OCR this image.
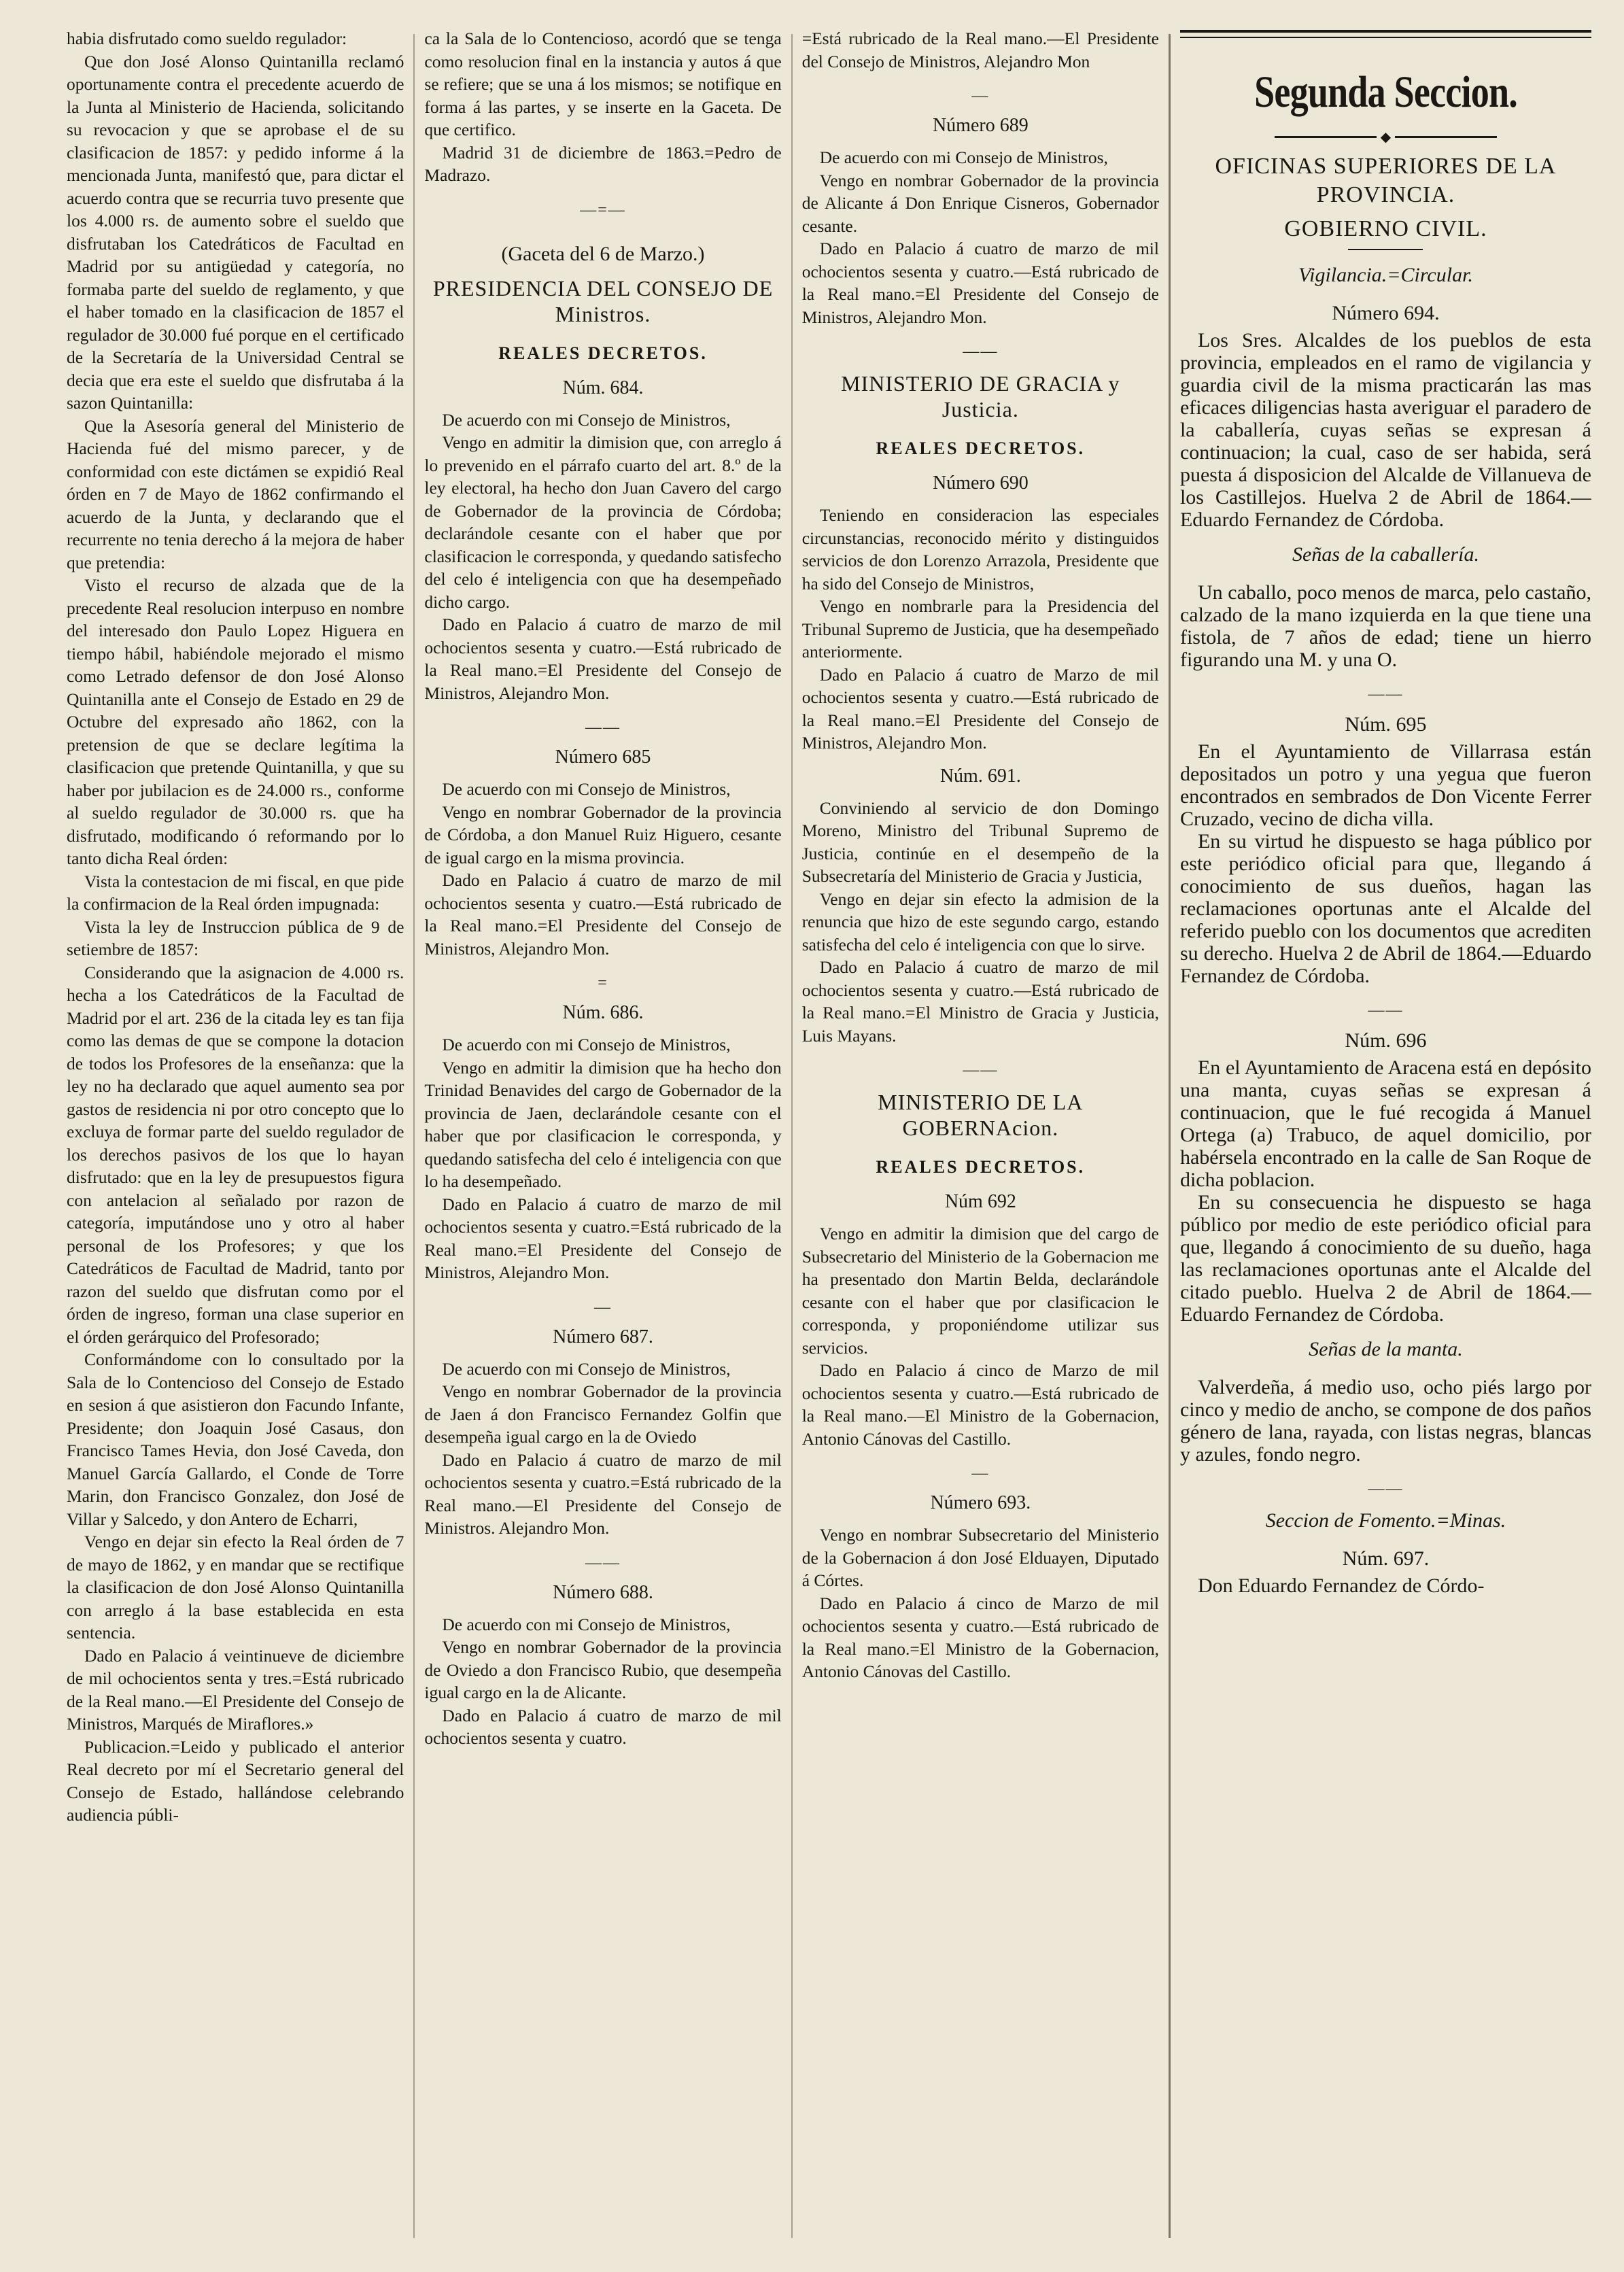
habia disfrutado como sueldo regulador:

Que don José Alonso Quintanilla reclamó oportunamente contra el precedente acuerdo de la Junta al Ministerio de Hacienda, solicitando su revocacion y que se aprobase el de su clasificacion de 1857: y pedido informe á la mencionada Junta, manifestó que, para dictar el acuerdo contra que se recurria tuvo presente que los 4.000 rs. de aumento sobre el sueldo que disfrutaban los Catedráticos de Facultad en Madrid por su antigüedad y categoría, no formaba parte del sueldo de reglamento, y que el haber tomado en la clasificacion de 1857 el regulador de 30.000 fué porque en el certificado de la Secretaría de la Universidad Central se decia que era este el sueldo que disfrutaba á la sazon Quintanilla:

Que la Asesoría general del Ministerio de Hacienda fué del mismo parecer, y de conformidad con este dictámen se expidió Real órden en 7 de Mayo de 1862 confirmando el acuerdo de la Junta, y declarando que el recurrente no tenia derecho á la mejora de haber que pretendia:

Visto el recurso de alzada que de la precedente Real resolucion interpuso en nombre del interesado don Paulo Lopez Higuera en tiempo hábil, habiéndole mejorado el mismo como Letrado defensor de don José Alonso Quintanilla ante el Consejo de Estado en 29 de Octubre del expresado año 1862, con la pretension de que se declare legítima la clasificacion que pretende Quintanilla, y que su haber por jubilacion es de 24.000 rs., conforme al sueldo regulador de 30.000 rs. que ha disfrutado, modificando ó reformando por lo tanto dicha Real órden:

Vista la contestacion de mi fiscal, en que pide la confirmacion de la Real órden impugnada:

Vista la ley de Instruccion pública de 9 de setiembre de 1857:

Considerando que la asignacion de 4.000 rs. hecha a los Catedráticos de la Facultad de Madrid por el art. 236 de la citada ley es tan fija como las demas de que se compone la dotacion de todos los Profesores de la enseñanza: que la ley no ha declarado que aquel aumento sea por gastos de residencia ni por otro concepto que lo excluya de formar parte del sueldo regulador de los derechos pasivos de los que lo hayan disfrutado: que en la ley de presupuestos figura con antelacion al señalado por razon de categoría, imputándose uno y otro al haber personal de los Profesores; y que los Catedráticos de Facultad de Madrid, tanto por razon del sueldo que disfrutan como por el órden de ingreso, forman una clase superior en el órden gerárquico del Profesorado;

Conformándome con lo consultado por la Sala de lo Contencioso del Consejo de Estado en sesion á que asistieron don Facundo Infante, Presidente; don Joaquin José Casaus, don Francisco Tames Hevia, don José Caveda, don Manuel García Gallardo, el Conde de Torre Marin, don Francisco Gonzalez, don José de Villar y Salcedo, y don Antero de Echarri,

Vengo en dejar sin efecto la Real órden de 7 de mayo de 1862, y en mandar que se rectifique la clasificacion de don José Alonso Quintanilla con arreglo á la base establecida en esta sentencia.

Dado en Palacio á veintinueve de diciembre de mil ochocientos senta y tres.=Está rubricado de la Real mano.—El Presidente del Consejo de Ministros, Marqués de Miraflores.»

Publicacion.=Leido y publicado el anterior Real decreto por mí el Secretario general del Consejo de Estado, hallándose celebrando audiencia públi-

ca la Sala de lo Contencioso, acordó que se tenga como resolucion final en la instancia y autos á que se refiere; que se una á los mismos; se notifique en forma á las partes, y se inserte en la Gaceta. De que certifico.

Madrid 31 de diciembre de 1863.=Pedro de Madrazo.

—=—
(Gaceta del 6 de Marzo.)
PRESIDENCIA DEL CONSEJO DE Ministros.
REALES DECRETOS.
Núm. 684.

De acuerdo con mi Consejo de Ministros,

Vengo en admitir la dimision que, con arreglo á lo prevenido en el párrafo cuarto del art. 8.º de la ley electoral, ha hecho don Juan Cavero del cargo de Gobernador de la provincia de Córdoba; declarándole cesante con el haber que por clasificacion le corresponda, y quedando satisfecho del celo é inteligencia con que ha desempeñado dicho cargo.

Dado en Palacio á cuatro de marzo de mil ochocientos sesenta y cuatro.—Está rubricado de la Real mano.=El Presidente del Consejo de Ministros, Alejandro Mon.

——
Número 685

De acuerdo con mi Consejo de Ministros,

Vengo en nombrar Gobernador de la provincia de Córdoba, a don Manuel Ruiz Higuero, cesante de igual cargo en la misma provincia.

Dado en Palacio á cuatro de marzo de mil ochocientos sesenta y cuatro.—Está rubricado de la Real mano.=El Presidente del Consejo de Ministros, Alejandro Mon.

=
Núm. 686.

De acuerdo con mi Consejo de Ministros,

Vengo en admitir la dimision que ha hecho don Trinidad Benavides del cargo de Gobernador de la provincia de Jaen, declarándole cesante con el haber que por clasificacion le corresponda, y quedando satisfecha del celo é inteligencia con que lo ha desempeñado.

Dado en Palacio á cuatro de marzo de mil ochocientos sesenta y cuatro.=Está rubricado de la Real mano.=El Presidente del Consejo de Ministros, Alejandro Mon.

—
Número 687.

De acuerdo con mi Consejo de Ministros,

Vengo en nombrar Gobernador de la provincia de Jaen á don Francisco Fernandez Golfin que desempeña igual cargo en la de Oviedo

Dado en Palacio á cuatro de marzo de mil ochocientos sesenta y cuatro.=Está rubricado de la Real mano.—El Presidente del Consejo de Ministros. Alejandro Mon.

——
Número 688.

De acuerdo con mi Consejo de Ministros,

Vengo en nombrar Gobernador de la provincia de Oviedo a don Francisco Rubio, que desempeña igual cargo en la de Alicante.

Dado en Palacio á cuatro de marzo de mil ochocientos sesenta y cuatro.

=Está rubricado de la Real mano.—El Presidente del Consejo de Ministros, Alejandro Mon

—
Número 689

De acuerdo con mi Consejo de Ministros,

Vengo en nombrar Gobernador de la provincia de Alicante á Don Enrique Cisneros, Gobernador cesante.

Dado en Palacio á cuatro de marzo de mil ochocientos sesenta y cuatro.—Está rubricado de la Real mano.=El Presidente del Consejo de Ministros, Alejandro Mon.

——
MINISTERIO DE GRACIA y Justicia.
REALES DECRETOS.
Número 690

Teniendo en consideracion las especiales circunstancias, reconocido mérito y distinguidos servicios de don Lorenzo Arrazola, Presidente que ha sido del Consejo de Ministros,

Vengo en nombrarle para la Presidencia del Tribunal Supremo de Justicia, que ha desempeñado anteriormente.

Dado en Palacio á cuatro de Marzo de mil ochocientos sesenta y cuatro.—Está rubricado de la Real mano.=El Presidente del Consejo de Ministros, Alejandro Mon.

Núm. 691.

Conviniendo al servicio de don Domingo Moreno, Ministro del Tribunal Supremo de Justicia, continúe en el desempeño de la Subsecretaría del Ministerio de Gracia y Justicia,

Vengo en dejar sin efecto la admision de la renuncia que hizo de este segundo cargo, estando satisfecha del celo é inteligencia con que lo sirve.

Dado en Palacio á cuatro de marzo de mil ochocientos sesenta y cuatro.—Está rubricado de la Real mano.=El Ministro de Gracia y Justicia, Luis Mayans.

——
MINISTERIO DE LA GOBERNAcion.
REALES DECRETOS.
Núm 692

Vengo en admitir la dimision que del cargo de Subsecretario del Ministerio de la Gobernacion me ha presentado don Martin Belda, declarándole cesante con el haber que por clasificacion le corresponda, y proponiéndome utilizar sus servicios.

Dado en Palacio á cinco de Marzo de mil ochocientos sesenta y cuatro.—Está rubricado de la Real mano.—El Ministro de la Gobernacion, Antonio Cánovas del Castillo.

—
Número 693.

Vengo en nombrar Subsecretario del Ministerio de la Gobernacion á don José Elduayen, Diputado á Córtes.

Dado en Palacio á cinco de Marzo de mil ochocientos sesenta y cuatro.—Está rubricado de la Real mano.=El Ministro de la Gobernacion, Antonio Cánovas del Castillo.

Segunda Seccion.
◆
OFICINAS SUPERIORES DE LA PROVINCIA.
GOBIERNO CIVIL.
Vigilancia.=Circular.
Número 694.

Los Sres. Alcaldes de los pueblos de esta provincia, empleados en el ramo de vigilancia y guardia civil de la misma practicarán las mas eficaces diligencias hasta averiguar el paradero de la caballería, cuyas señas se expresan á continuacion; la cual, caso de ser habida, será puesta á disposicion del Alcalde de Villanueva de los Castillejos. Huelva 2 de Abril de 1864.—Eduardo Fernandez de Córdoba.

Señas de la caballería.

Un caballo, poco menos de marca, pelo castaño, calzado de la mano izquierda en la que tiene una fistola, de 7 años de edad; tiene un hierro figurando una M. y una O.

——
Núm. 695

En el Ayuntamiento de Villarrasa están depositados un potro y una yegua que fueron encontrados en sembrados de Don Vicente Ferrer Cruzado, vecino de dicha villa.

En su virtud he dispuesto se haga público por este periódico oficial para que, llegando á conocimiento de sus dueños, hagan las reclamaciones oportunas ante el Alcalde del referido pueblo con los documentos que acrediten su derecho. Huelva 2 de Abril de 1864.—Eduardo Fernandez de Córdoba.

——
Núm. 696

En el Ayuntamiento de Aracena está en depósito una manta, cuyas señas se expresan á continuacion, que le fué recogida á Manuel Ortega (a) Trabuco, de aquel domicilio, por habérsela encontrado en la calle de San Roque de dicha poblacion.

En su consecuencia he dispuesto se haga público por medio de este periódico oficial para que, llegando á conocimiento de su dueño, haga las reclamaciones oportunas ante el Alcalde del citado pueblo. Huelva 2 de Abril de 1864.—Eduardo Fernandez de Córdoba.

Señas de la manta.

Valverdeña, á medio uso, ocho piés largo por cinco y medio de ancho, se compone de dos paños género de lana, rayada, con listas negras, blancas y azules, fondo negro.

——
Seccion de Fomento.=Minas.
Núm. 697.

Don Eduardo Fernandez de Córdo-
